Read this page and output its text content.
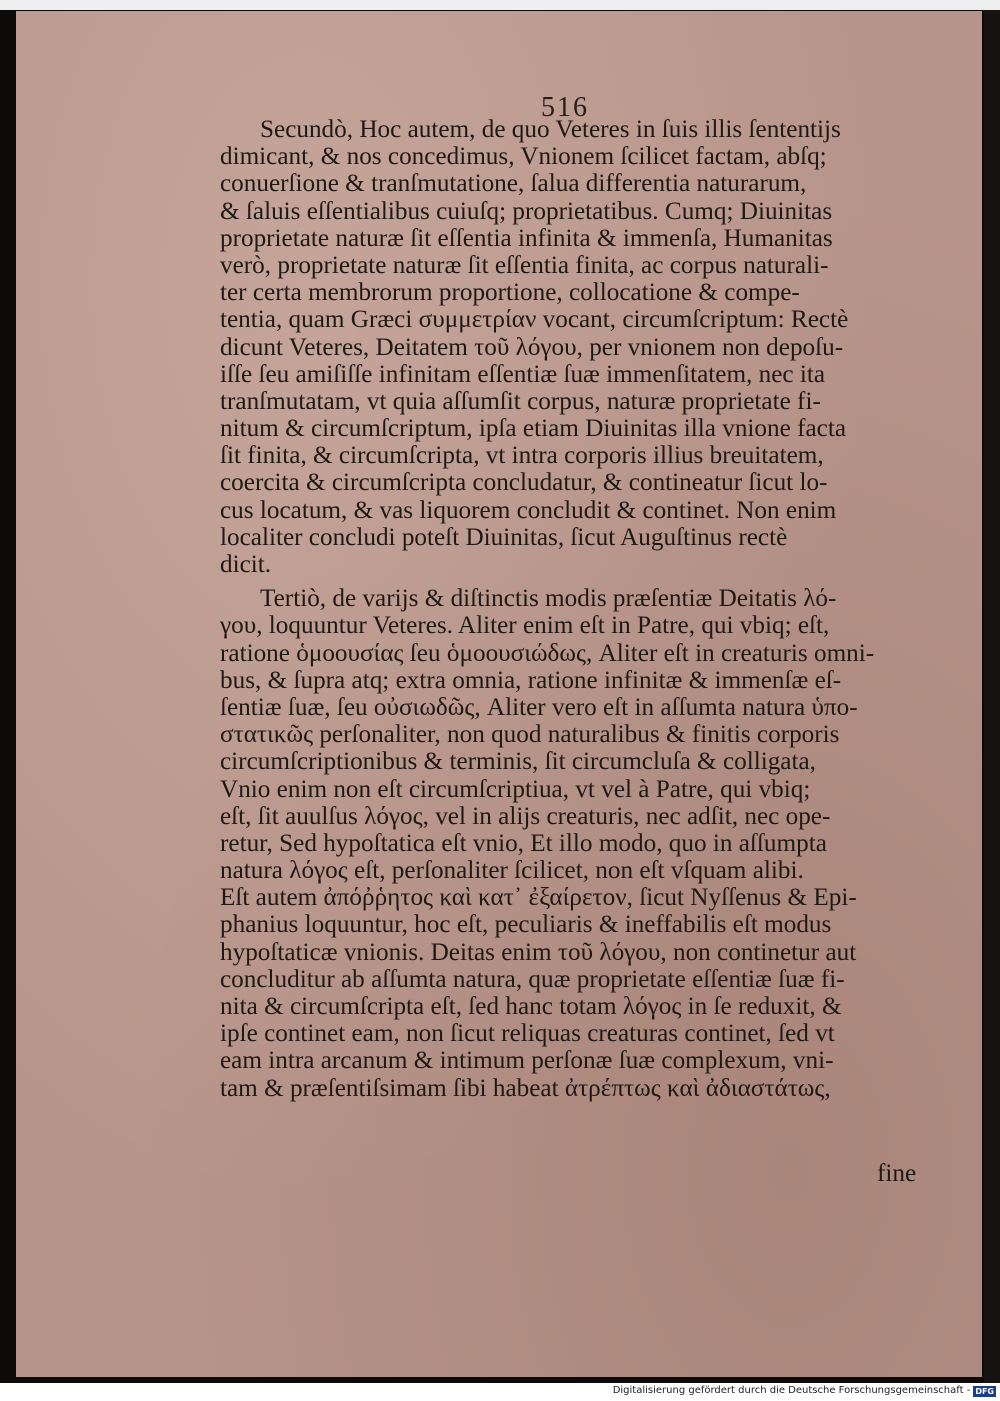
516
Secundò, Hoc autem, de quo Veteres in ſuis illis ſententijs
dimicant, & nos concedimus, Vnionem ſcilicet factam, abſq;
conuerſione & tranſmutatione, ſalua differentia naturarum,
& ſaluis eſſentialibus cuiuſq; proprietatibus. Cumq; Diuinitas
proprietate naturæ ſit eſſentia infinita & immenſa, Humanitas
verò, proprietate naturæ ſit eſſentia finita, ac corpus naturali-
ter certa membrorum proportione, collocatione & compe-
tentia, quam Græci συμμετρίαν vocant, circumſcriptum: Rectè
dicunt Veteres, Deitatem τοῦ λόγου, per vnionem non depoſu-
iſſe ſeu amiſiſſe infinitam eſſentiæ ſuæ immenſitatem, nec ita
tranſmutatam, vt quia aſſumſit corpus, naturæ proprietate fi-
nitum & circumſcriptum, ipſa etiam Diuinitas illa vnione facta
ſit finita, & circumſcripta, vt intra corporis illius breuitatem,
coercita & circumſcripta concludatur, & contineatur ſicut lo-
cus locatum, & vas liquorem concludit & continet. Non enim
localiter concludi poteſt Diuinitas, ſicut Auguſtinus rectè
dicit.
Tertiò, de varijs & diſtinctis modis præſentiæ Deitatis λό-
γου, loquuntur Veteres. Aliter enim eſt in Patre, qui vbiq; eſt,
ratione ὁμοουσίας ſeu ὁμοουσιώδως, Aliter eſt in creaturis omni-
bus, & ſupra atq; extra omnia, ratione infinitæ & immenſæ eſ-
ſentiæ ſuæ, ſeu οὐσιωδῶς, Aliter vero eſt in aſſumta natura ὑπο-
στατικῶς perſonaliter, non quod naturalibus & finitis corporis
circumſcriptionibus & terminis, ſit circumcluſa & colligata,
Vnio enim non eſt circumſcriptiua, vt vel à Patre, qui vbiq;
eſt, ſit auulſus λόγος, vel in alijs creaturis, nec adſit, nec ope-
retur, Sed hypoſtatica eſt vnio, Et illo modo, quo in aſſumpta
natura λόγος eſt, perſonaliter ſcilicet, non eſt vſquam alibi.
Eſt autem ἀπόῤῥητος καὶ κατ᾽ ἐξαίρετον, ſicut Nyſſenus & Epi-
phanius loquuntur, hoc eſt, peculiaris & ineffabilis eſt modus
hypoſtaticæ vnionis. Deitas enim τοῦ λόγου, non continetur aut
concluditur ab aſſumta natura, quæ proprietate eſſentiæ ſuæ fi-
nita & circumſcripta eſt, ſed hanc totam λόγος in ſe reduxit, &
ipſe continet eam, non ſicut reliquas creaturas continet, ſed vt
eam intra arcanum & intimum perſonæ ſuæ complexum, vni-
tam & præſentiſsimam ſibi habeat ἀτρέπτως καὶ ἀδιαστάτως,
fine
Digitalisierung gefördert durch die Deutsche Forschungsgemeinschaft - DFG
